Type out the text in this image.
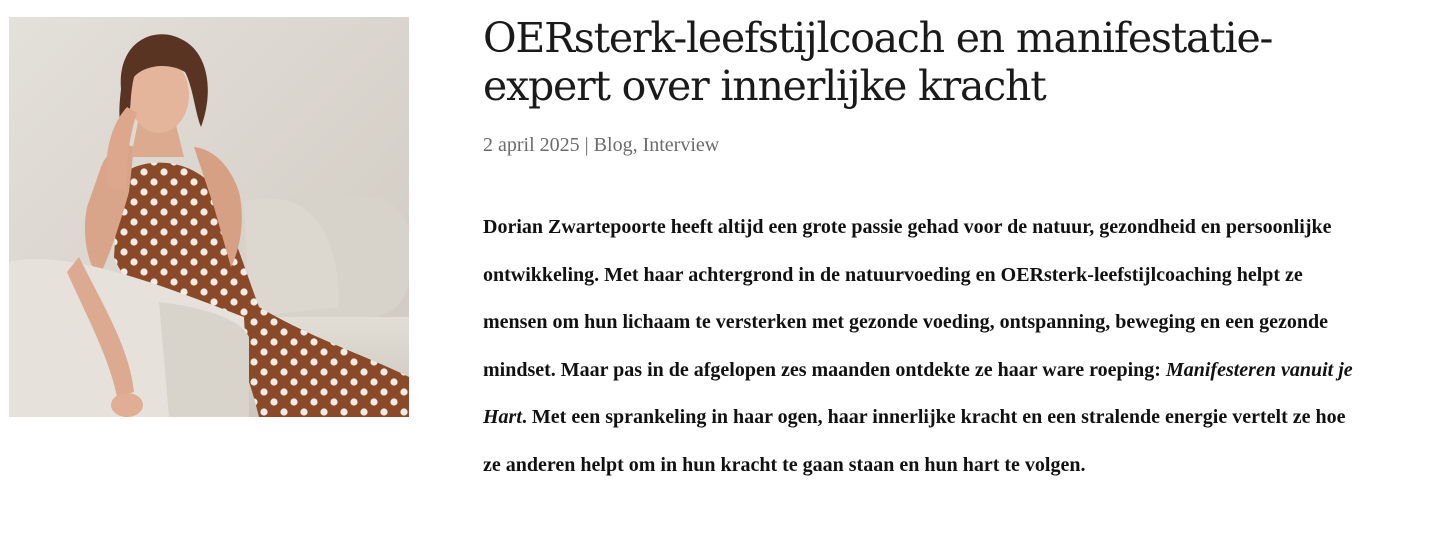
OERsterk-leefstijlcoach en manifestatie-expert over innerlijke kracht
2 april 2025 | Blog, Interview

Dorian Zwartepoorte heeft altijd een grote passie gehad voor de natuur, gezondheid en persoonlijke ontwikkeling. Met haar achtergrond in de natuurvoeding en OERsterk-leefstijlcoaching helpt ze mensen om hun lichaam te versterken met gezonde voeding, ontspanning, beweging en een gezonde mindset. Maar pas in de afgelopen zes maanden ontdekte ze haar ware roeping: Manifesteren vanuit je Hart. Met een sprankeling in haar ogen, haar innerlijke kracht en een stralende energie vertelt ze hoe ze anderen helpt om in hun kracht te gaan staan en hun hart te volgen.
